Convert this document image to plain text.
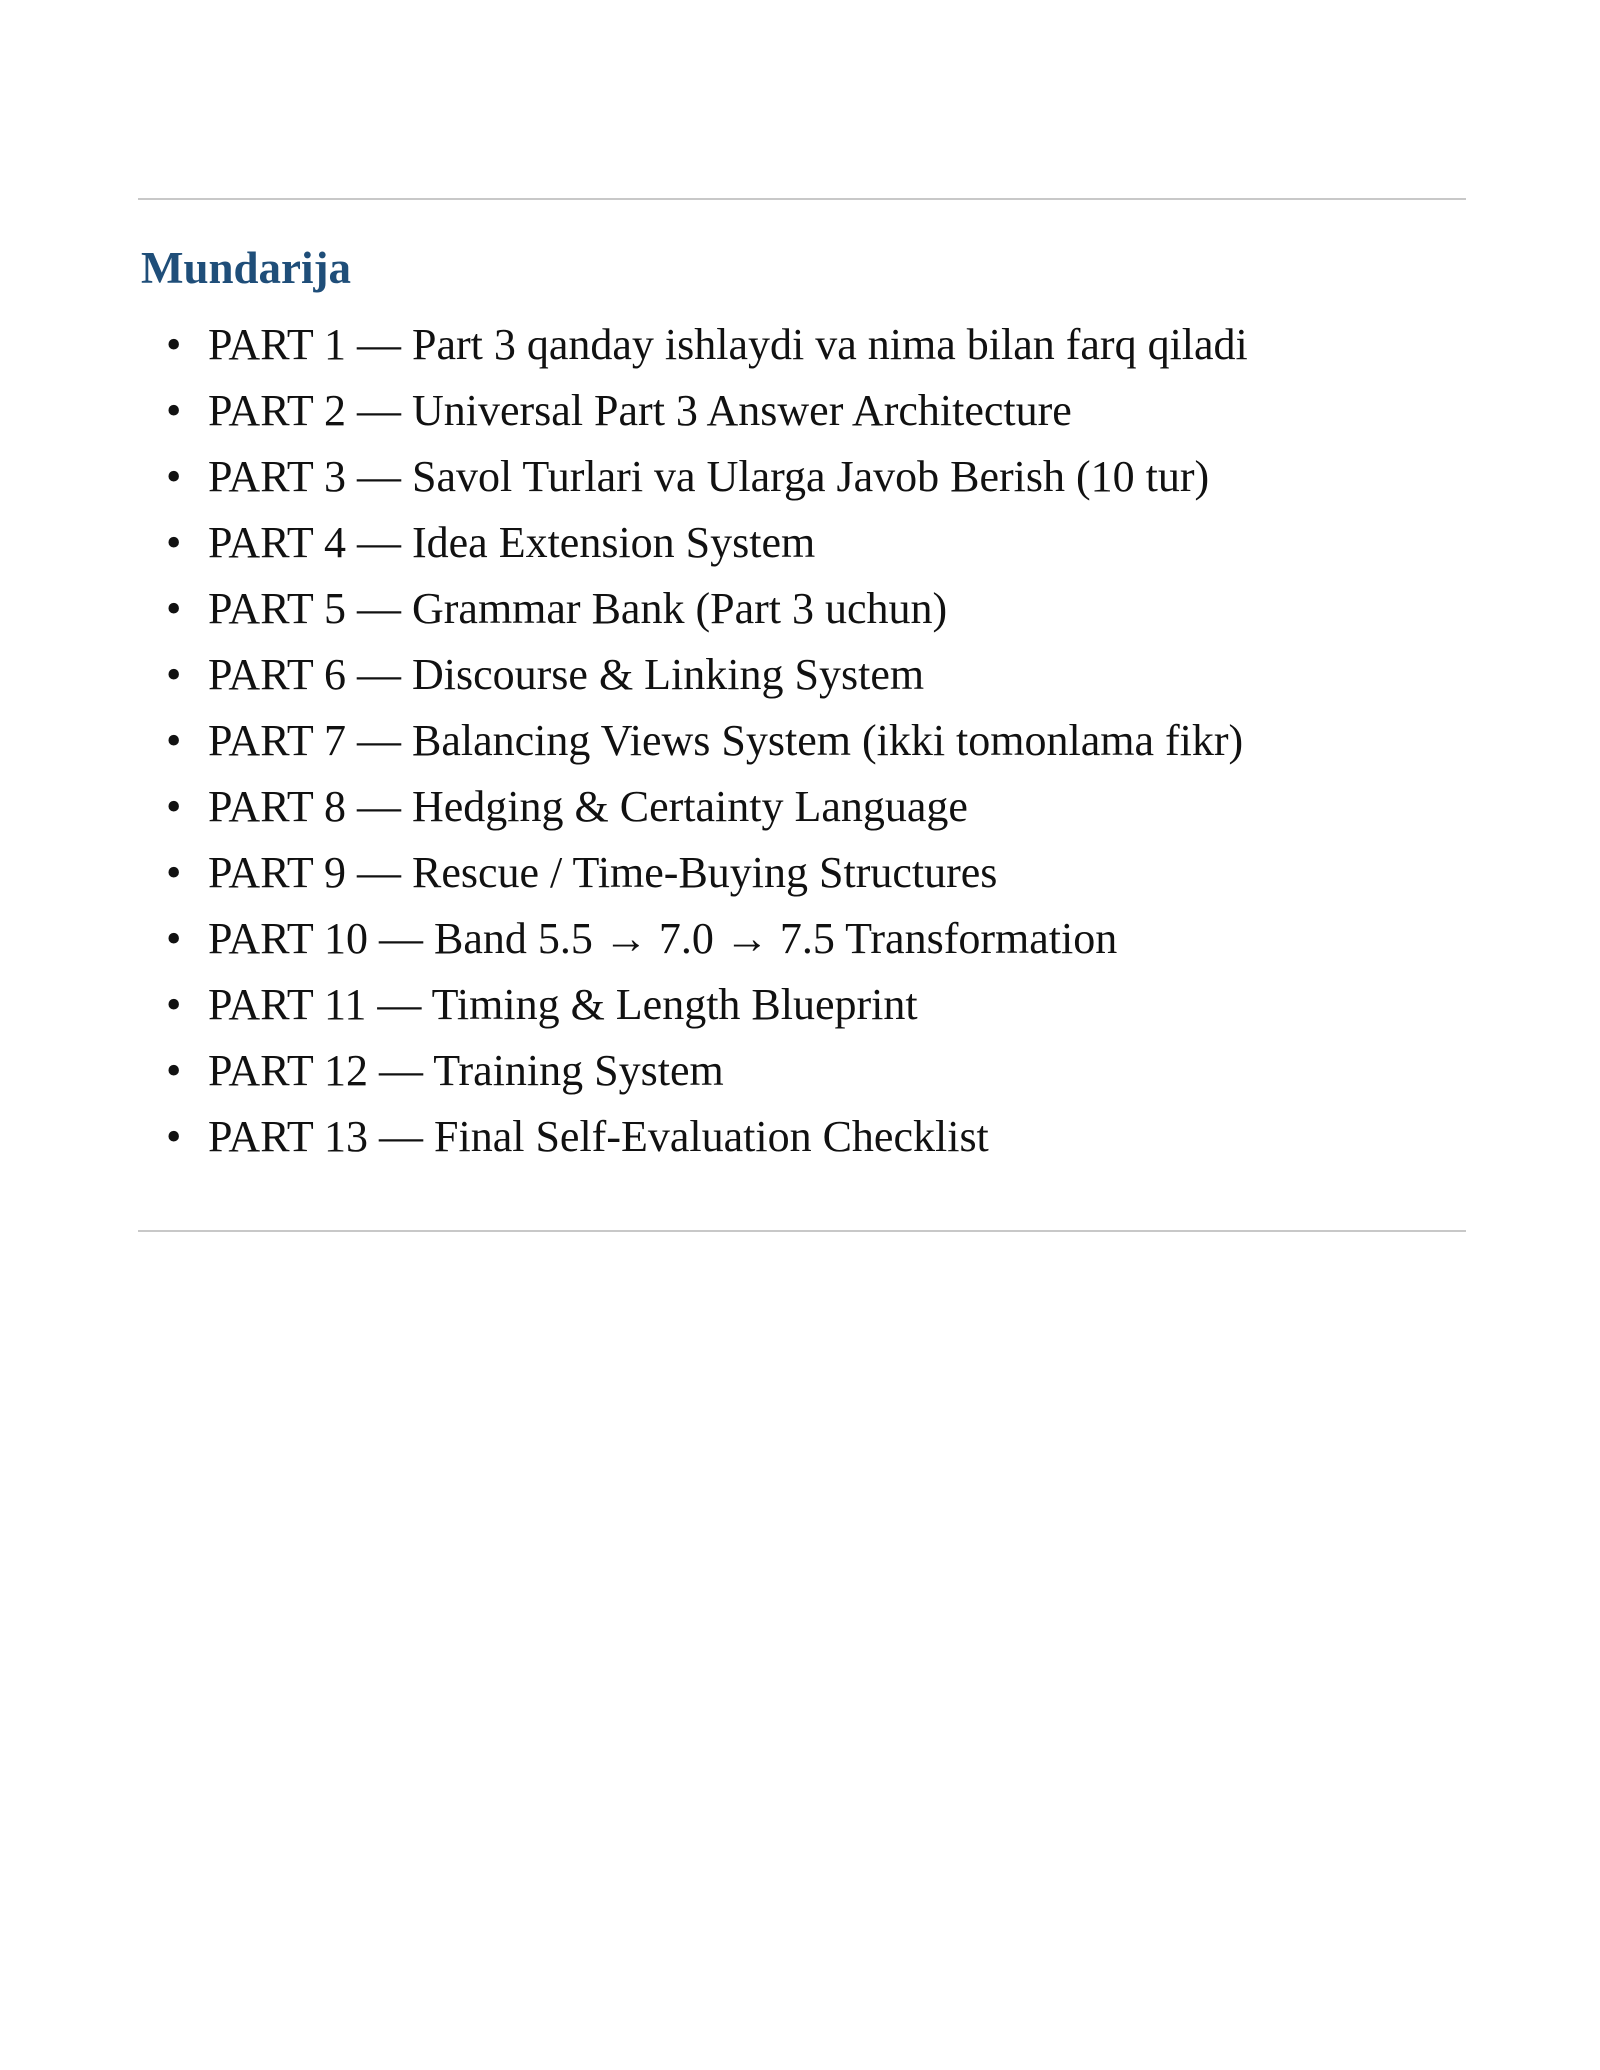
Mundarija
• PART 1 — Part 3 qanday ishlaydi va nima bilan farq qiladi
• PART 2 — Universal Part 3 Answer Architecture
• PART 3 — Savol Turlari va Ularga Javob Berish (10 tur)
• PART 4 — Idea Extension System
• PART 5 — Grammar Bank (Part 3 uchun)
• PART 6 — Discourse & Linking System
• PART 7 — Balancing Views System (ikki tomonlama fikr)
• PART 8 — Hedging & Certainty Language
• PART 9 — Rescue / Time-Buying Structures
• PART 10 — Band 5.5 → 7.0 → 7.5 Transformation
• PART 11 — Timing & Length Blueprint
• PART 12 — Training System
• PART 13 — Final Self-Evaluation Checklist
